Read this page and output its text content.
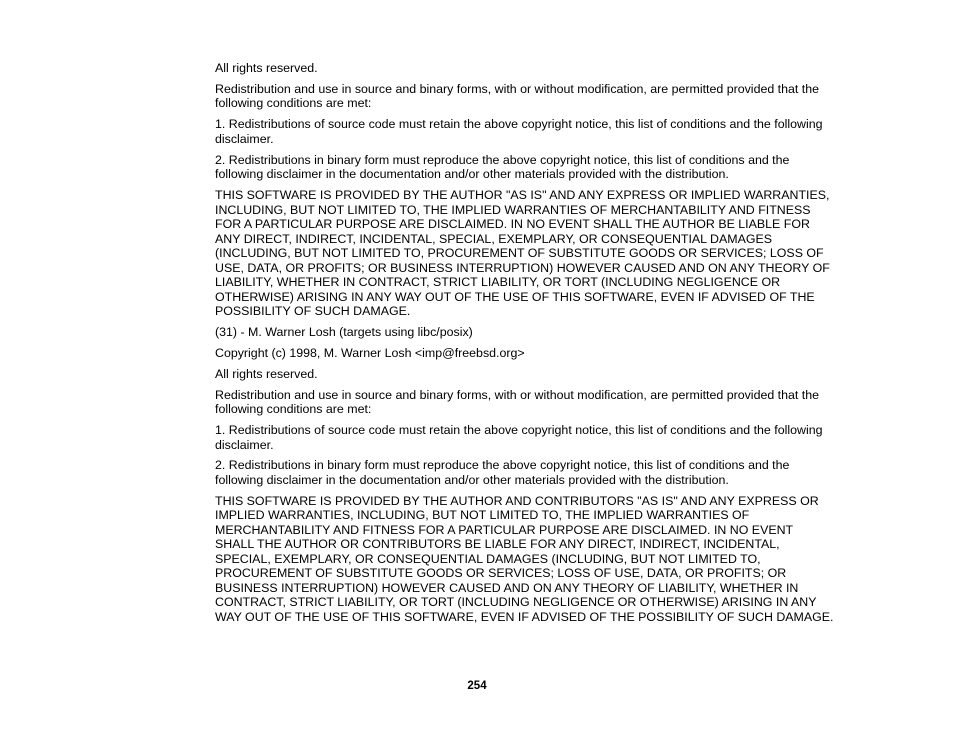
All rights reserved.

Redistribution and use in source and binary forms, with or without modification, are permitted provided that the following conditions are met:

1. Redistributions of source code must retain the above copyright notice, this list of conditions and the following disclaimer.

2. Redistributions in binary form must reproduce the above copyright notice, this list of conditions and the following disclaimer in the documentation and/or other materials provided with the distribution.

THIS SOFTWARE IS PROVIDED BY THE AUTHOR "AS IS" AND ANY EXPRESS OR IMPLIED WARRANTIES, INCLUDING, BUT NOT LIMITED TO, THE IMPLIED WARRANTIES OF MERCHANTABILITY AND FITNESS FOR A PARTICULAR PURPOSE ARE DISCLAIMED. IN NO EVENT SHALL THE AUTHOR BE LIABLE FOR ANY DIRECT, INDIRECT, INCIDENTAL, SPECIAL, EXEMPLARY, OR CONSEQUENTIAL DAMAGES (INCLUDING, BUT NOT LIMITED TO, PROCUREMENT OF SUBSTITUTE GOODS OR SERVICES; LOSS OF USE, DATA, OR PROFITS; OR BUSINESS INTERRUPTION) HOWEVER CAUSED AND ON ANY THEORY OF LIABILITY, WHETHER IN CONTRACT, STRICT LIABILITY, OR TORT (INCLUDING NEGLIGENCE OR OTHERWISE) ARISING IN ANY WAY OUT OF THE USE OF THIS SOFTWARE, EVEN IF ADVISED OF THE POSSIBILITY OF SUCH DAMAGE.

(31) - M. Warner Losh (targets using libc/posix)

Copyright (c) 1998, M. Warner Losh <imp@freebsd.org>

All rights reserved.

Redistribution and use in source and binary forms, with or without modification, are permitted provided that the following conditions are met:

1. Redistributions of source code must retain the above copyright notice, this list of conditions and the following disclaimer.

2. Redistributions in binary form must reproduce the above copyright notice, this list of conditions and the following disclaimer in the documentation and/or other materials provided with the distribution.

THIS SOFTWARE IS PROVIDED BY THE AUTHOR AND CONTRIBUTORS "AS IS" AND ANY EXPRESS OR IMPLIED WARRANTIES, INCLUDING, BUT NOT LIMITED TO, THE IMPLIED WARRANTIES OF MERCHANTABILITY AND FITNESS FOR A PARTICULAR PURPOSE ARE DISCLAIMED. IN NO EVENT SHALL THE AUTHOR OR CONTRIBUTORS BE LIABLE FOR ANY DIRECT, INDIRECT, INCIDENTAL, SPECIAL, EXEMPLARY, OR CONSEQUENTIAL DAMAGES (INCLUDING, BUT NOT LIMITED TO, PROCUREMENT OF SUBSTITUTE GOODS OR SERVICES; LOSS OF USE, DATA, OR PROFITS; OR BUSINESS INTERRUPTION) HOWEVER CAUSED AND ON ANY THEORY OF LIABILITY, WHETHER IN CONTRACT, STRICT LIABILITY, OR TORT (INCLUDING NEGLIGENCE OR OTHERWISE) ARISING IN ANY WAY OUT OF THE USE OF THIS SOFTWARE, EVEN IF ADVISED OF THE POSSIBILITY OF SUCH DAMAGE.

254
